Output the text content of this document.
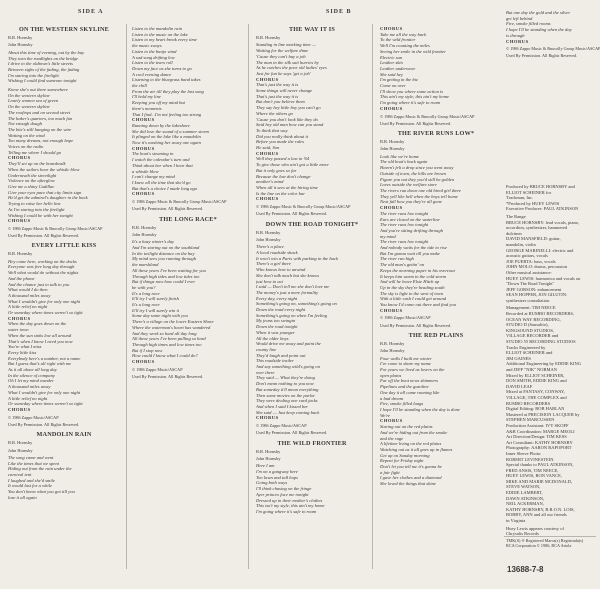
SIDE A	SIDE B
ON THE WESTERN SKYLINE
B.R. Hornsby
John Hornsby
About this time of evening, out by the bay
They turn the roadlights on the bridge
I drive to the oldtown's little streets
Between sighs of the fading, the fading
I'm staring into the firelight
Wishing I could find someone tonight
Know she's out there somewhere
On the western skyline
Lonely women sea of green
On the western skyline
The rooftops and on second street
The baker's quarters, too much fun
Not enough dough
The kite's still hanging on the wire
Waiting on the wind
Too many dreams, not enough hope
Voices on the radio
Telling me where I should go
CHORUS
They'll set up on the boardwalk
When the sailors hear the whistle blow
Underneath the streetlight
Violence on the afterglow
Give me a shiny Cadillac
Give your eyes pace that city limits sign
He'd get the admiral's daughter in the back
Trying to raise her hello line
As I'm staring into the firelight
Wishing I could be with her tonight
CHORUS
© 1986 Zappo Music & Bnocolly Group Music/ASCAP
Used By Permission. All Rights Reserved.
EVERY LITTLE KISS
B.R. Hornsby
Hey come here, working on the docks
Everyone was free long day through
Well what would do without the nights
And the phone
And the chance just to talk to you
What would I do then
A thousand miles away
What I wouldn't give for only one night
A little relief no night
Or someday where times weren't so tight
CHORUS
When the day goes down on the
water town
When the sun sinks low all around
That's when I know I need you now
You're what I miss
Every little kiss
Everybody here's a number, not a name
But I guess that's all right with me
As it all alone all long day
In the silence of company
Oh I let my mind wander
A thousand miles away
What I wouldn't give for only one night
A little relief no night
Or someday where times weren't so tight
CHORUS
© 1986 Zappo Music/ASCAP
Used By Permission. All Rights Reserved.
MANDOLIN RAIN
B.R. Hornsby
John Hornsby
The song came and went
Like the times that we spent
Hiding out from the rain under the
carnival tent
I laughed and she'd smile
It would last for a while
You don't know what you got till you
lose it all again
Listen to the mandolin rain
Listen to the music on the lake
Listen to my heart break every time
the music sways
Listen to the banjo wind
A sad song drifting low
Listen to the tears roll
Down my face as she turns to go
A cool evening dance
Listening to the bluegrass band takes
the chill
From the air till they play the last song
I'll hold my line
Keeping you off my mind but
there's moments
That I find...I'm not feeling too strong
CHORUS
Running down by the lakeshore
She did love the sound of a summer storm
It plinged on the lake like a mandolin
Now it's washing her away one again
CHORUS
The boat's steaming in
I watch the calendar's turn and
Think about her when I hear that
a whistle blow
I can't change my mind
I knew all the time that she'd go
But that's a choice I made long ago
CHORUS
© 1986 Zappo Music & Bnocolly Group Music/ASCAP
Used By Permission. All Rights Reserved.
THE LONG RACE*
B.R. Hornsby
John Hornsby
It's a hazy winter's day
And I'm staring out on the southland
In the twilight distance on the bay
My mind sees you running through
the marshland
All these years I've been waiting for you
Through high tides and low tides too
But if things now how could I ever
be with you?
It's a long race
It'll try I will surely finish
It's a long race
It'll try I will surely win it
Some day some night with you
There's a village on the lower Eastern Shore
Where the waterman's heart has wandered
And they work so hard all day long
All these years I've been pulling so hard
Through high times and low times too
But if I stop now
How could I know what I could do?
CHORUS
© 1986 Zappo Music/ASCAP
Used By Permission. All Rights Reserved.
THE WAY IT IS
B.R. Hornsby
Standing in line marking time —
Waiting for the welfare dime
'Cause they can't buy a job
The man in the silk suit hurries by
As he catches the poor old ladies' eyes
Just for fun he says 'get a job'
CHORUS
That's just the way it is
Some things will never change
That's just the way it is
But don't you believe them
They say hey little boy you can't go
Where the others go
'Cause you don't look like they do
Said hey old man how can you stand
To think that way
Did you really think about it
Before you made the rules
He said, Son
CHORUS
Well they passed a law in '64
To give those who ain't got a little more
But it only goes so far
Because the law don't change
another's mind
When all it sees at the hiring time
Is the line on the color bar
CHORUS
© 1986 Zappo Music & Bnocolly Group Music/ASCAP
Used By Permission. All Rights Reserved.
DOWN THE ROAD TONIGHT*
B.R. Hornsby
John Hornsby
There's a place
A local roadside shack
It won't win a Paris with parking in the back
There's a girl there
Who knows how to unwind
She don't talk much but she knows
just how to act
I said — Don't tell me she don't love me
The money's just a mere formality
Every day, every night
Something's going on, something's going on
Down the road every night
Something's going on when I'm feeling
My jeans too swingin
Down the road tonight
When it was younger
All the older boys
Would drive me away and paint the
county line
They'd laugh and point out
This roadside trailer
And say something wild's going on
over there
They said — What they're doing
Don't mean nothing to you now
But someday it'll mean everything
Then some movies on the parlor
They were dealing one card jacks
And when I said I kissed her
She said — Just keep coming back
CHORUS
© 1986 Zappo Music/ASCAP
Used By Permission. All Rights Reserved.
THE WILD FRONTIER
B.R. Hornsby
John Hornsby
Here I am
I'm on a gangway here
Too lawn and tall hops
Going both ways
I'll think chasing on the fringe
Ayer princes face me tonight
Dressed up in their mother's clothes
This isn't my style, this ain't my home
I'm going where it's safe to roam
CHORUS
Take me all the way back
To the wild frontier
Well I'm counting the miles
Seeing her smile in the wild frontier
Electric sun
Leather skin
Leather underwear
She said hey
I'm getting in the biz
Come on over
I'll show you where some action is
This ain't my style, this ain't my home
I'm going where it's safe to roam
CHORUS
© 1986 Zappo Music & Bnocolly Group Music/ASCAP
Used By Permission. All Rights Reserved.
THE RIVER RUNS LOW*
B.R. Hornsby
John Hornsby
Look like we're home
The old boat's back again
Haven't felt a drop since you went away
Outside of town, the hills are brown
Figure you out they you'd still be golden
Loves outside the welfare store
The rivers run down one old hired girl there
They yell like hell when the boys tell home
Next fall how you they're all gone
CHORUS
The river runs low tonight
Ears are closed on the waterline
The river runs low tonight
And you're sitting drifting through
my mind
The river runs low tonight
And nobody waits for the tide to rise
But I'm gonna wait till you make
The river run high
The old man's gettin' on
Keeps the morning paper in his overcoat
It keeps him warm in the cold storm
And will he leave Elsie Hitch up
Up in the sky they're heading south
The sky is light to the west of town
With a little cash I could get around
You know I'd come out there and find you
CHORUS
© 1986 Zappo Music/ASCAP
Used By Permission. All Rights Reserved.
THE RED PLAINS
B.R. Hornsby
John Hornsby
Four walls I built me winter
I've come to share my name
For years we lived as lovers on the
open plains
Far off the boot news shimmers
Pipelines and the gasoline
One day it all came running like
a bad dream
Fire, smoke filled lungs
I hope I'll be standing when the day is done
We're
CHORUS
Staring out on the red plains
And we're hiding out from the smoke
and the rage
A lifetime living on the red plains
Watching out as it all goes up in flames
Get up on Sunday morning
Repent for Friday night
Don't let you tell me it's gonna be
a fair fight
I gave her clothes and a diamond
She loved the things that shine
But one day the gold and the silver
get left behind
Fire, smoke filled rooms
I hope I'll be standing when the day
is through
CHORUS
© 1986 Zappo Music & Bnocolly Group Music/ASCAP
Used By Permission. All Rights Reserved.
Produced by BRUCE HORNSBY and
ELLIOT SCHEINER for
Trackman, Inc.
*Produced by HUEY LEWIS
Executive Producer: PAUL ATKINSON
The Range
BRUCE HORNSBY: lead vocals, piano,
accordion, synthesizer, hammered
dulcimer
DAVID MANSFIELD: guitar,
mandolin, violin
GEORGE MARINELLI: electric and
acoustic guitars, vocals
JOE PUERTA: bass, vocals
JOHN MOLO: drums, percussion
Other musical assistance:
HUEY LEWIS: harmonica and vocals on
"Down The Road Tonight"
JEFF GORSON: enhancement
SEAN HOPPER, JON GILUTIN:
synthesizer consultation
Management: TIM NEECE
Recorded at RUMBO RECORDERS,
OCEAN WAY RECORDING,
STUDIO D (Sausalito),
KINGSOUND STUDIOS,
VILLAGE RECORDER and
STUDIO 55 RECORDING STUDIOS
Tracks Engineered by
ELLIOT SCHEINER and
JIM GAINES
Additional Engineering by EDDIE KING
and JEFF "NIK" NORMAN
Mixed by ELLIOT SCHEINER,
DON SMITH, EDDIE KING and
DAVID LEAF
Mixed at FANTASY, CONWAY,
VILLAGE, THE COMPLEX and
RUMBO RECORDERS
Digital Editing: BOB HARLAN
Mastered at PRECISION LACQUER by
STEPHEN MARCUSSEN
Production Assistant: IVY SKOFF
A&R Coordination: MARGE MEOLI
Art Direction/Design: TIM KESS
Art Consultant: KATHY HORNSBY
Photography: AARON RAPOPORT
Inner Sleeve Photo:
ROBERT LEVINESTEIN
Special thanks to PAUL ATKINSON,
FRED ANSIS, TIM NEECE,
HUEY LEWIS, RON VANCE,
MIKE AND MARIE MCDONALD,
STEVE WATSON,
EDDIE LAMBERT,
DAWN ATKINSON,
NEIL ACKERMAN,
KATHY HORNSBY, B.R.O.N. LOIS,
BOBBY, ANN and all our friends
in Virginia
Huey Lewis appears courtesy of
Chrysalis Records
TMK(S) ® Registered Marca(s) Registrada(s)
RCA Corporation © 1986, RCA Ariola
13688-7-8
